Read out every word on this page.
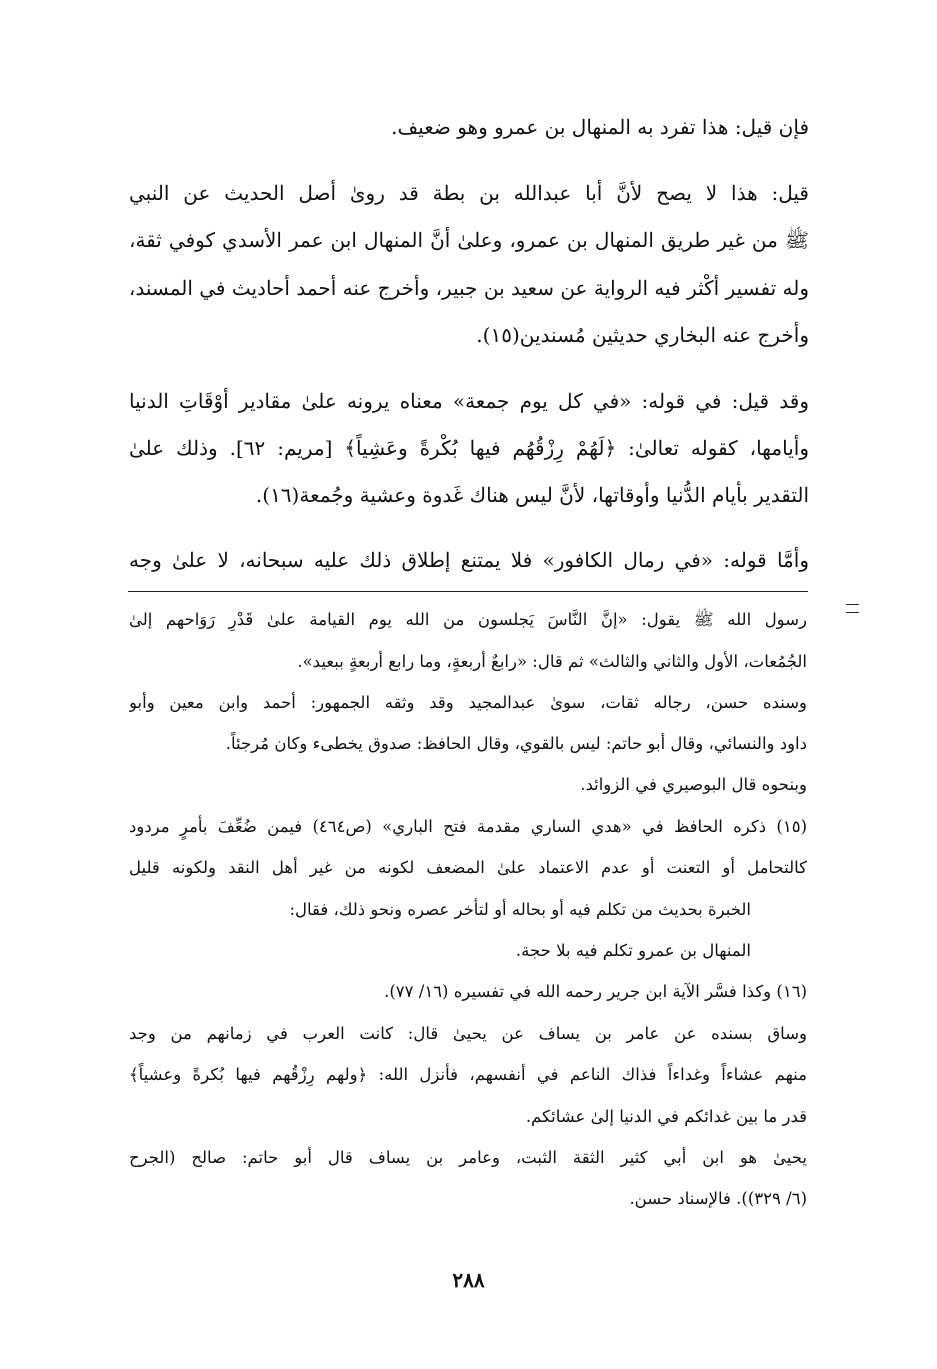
فإن قيل: هذا تفرد به المنهال بن عمرو وهو ضعيف.
قيل: هذا لا يصح لأنَّ أبا عبدالله بن بطة قد روىٰ أصل الحديث عن النبي
ﷺ من غير طريق المنهال بن عمرو، وعلىٰ أنَّ المنهال ابن عمر الأسدي كوفي ثقة،
وله تفسير أكْثر فيه الرواية عن سعيد بن جبير، وأخرج عنه أحمد أحاديث في المسند،
وأخرج عنه البخاري حديثين مُسندين(١٥).
وقد قيل: في قوله: «في كل يوم جمعة» معناه يرونه علىٰ مقادير أوْقَاتِ الدنيا
وأيامها، كقوله تعالىٰ: ﴿لَهُمْ رِزْقُهُم فيها بُكْرةً وعَشِياً﴾ [مريم: ٦٢]. وذلك علىٰ
التقدير بأيام الدُّنيا وأوقاتها، لأنَّ ليس هناك غَدوة وعشية وجُمعة(١٦).
وأمَّا قوله: «في رمال الكافور» فلا يمتنع إطلاق ذلك عليه سبحانه، لا علىٰ وجه
رسول الله ﷺ يقول: «إنَّ النَّاسَ يَجلسون من الله يوم القيامة علىٰ قَدْرِ رَوَاحهم إلىٰ
الجُمُعات، الأول والثاني والثالث» ثم قال: «رابعٌ أربعةٍ، وما رابع أربعةٍ ببعيد».
وسنده حسن، رجاله ثقات، سوىٰ عبدالمجيد وقد وثقه الجمهور: أحمد وابن معين وأبو
داود والنسائي، وقال أبو حاتم: ليس بالقوي، وقال الحافظ: صدوق يخطىء وكان مُرجئاً.
وبنحوه قال البوصيري في الزوائد.
(١٥) ذكره الحافظ في «هدي الساري مقدمة فتح الباري» (ص٤٦٤) فيمن ضُعِّفَ بأمرٍ مردود
كالتحامل أو التعنت أو عدم الاعتماد علىٰ المضعف لكونه من غير أهل النقد ولكونه قليل
الخبرة بحديث من تكلم فيه أو بحاله أو لتأخر عصره ونحو ذلك، فقال:
المنهال بن عمرو تكلم فيه بلا حجة.
(١٦) وكذا فسَّر الآية ابن جرير رحمه الله في تفسيره (١٦/ ٧٧).
وساق بسنده عن عامر بن يساف عن يحيىٰ قال: كانت العرب في زمانهم من وجد
منهم عشاءاً وغداءاً فذاك الناعم في أنفسهم، فأنزل الله: ﴿ولهم رِزْقُهم فيها بُكرةً وعشياً﴾
قدر ما بين غدائكم في الدنيا إلىٰ عشائكم.
يحيىٰ هو ابن أبي كثير الثقة الثبت، وعامر بن يساف قال أبو حاتم: صالح (الجرح
(٦/ ٣٢٩)). فالإسناد حسن.
٢٨٨
